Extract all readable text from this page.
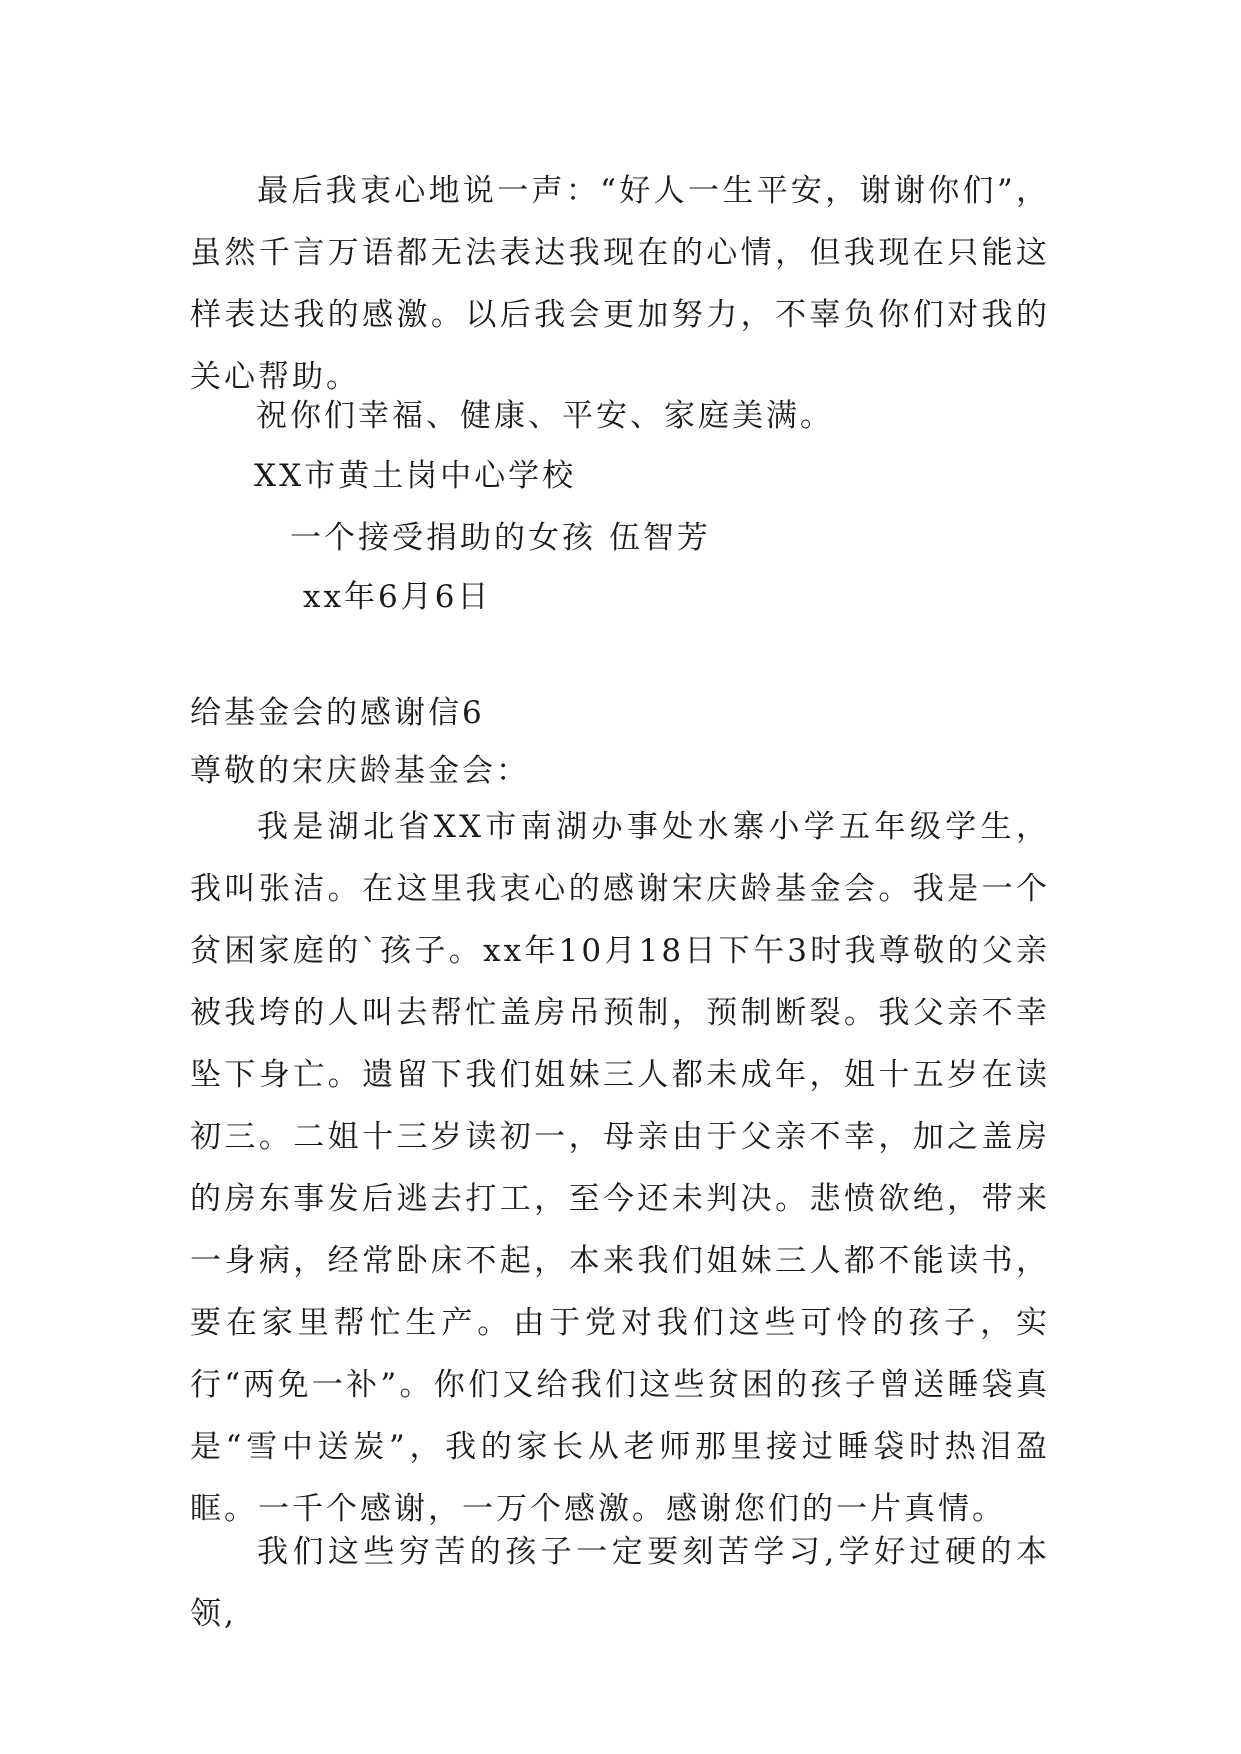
最后我衷心地说一声：“好人一生平安，谢谢你们”，虽然千言万语都无法表达我现在的心情，但我现在只能这样表达我的感激。以后我会更加努力，不辜负你们对我的关心帮助。

祝你们幸福、健康、平安、家庭美满。

XX市黄土岗中心学校

一个接受捐助的女孩 伍智芳

xx年6月6日

给基金会的感谢信6

尊敬的宋庆龄基金会：

我是湖北省XX市南湖办事处水寨小学五年级学生，我叫张洁。在这里我衷心的感谢宋庆龄基金会。我是一个贫困家庭的`孩子。xx年10月18日下午3时我尊敬的父亲被我垮的人叫去帮忙盖房吊预制，预制断裂。我父亲不幸坠下身亡。遗留下我们姐妹三人都未成年，姐十五岁在读初三。二姐十三岁读初一，母亲由于父亲不幸，加之盖房的房东事发后逃去打工，至今还未判决。悲愤欲绝，带来一身病，经常卧床不起，本来我们姐妹三人都不能读书，要在家里帮忙生产。由于党对我们这些可怜的孩子，实行“两免一补”。你们又给我们这些贫困的孩子曾送睡袋真是“雪中送炭”，我的家长从老师那里接过睡袋时热泪盈眶。一千个感谢，一万个感激。感谢您们的一片真情。

我们这些穷苦的孩子一定要刻苦学习,学好过硬的本领,
